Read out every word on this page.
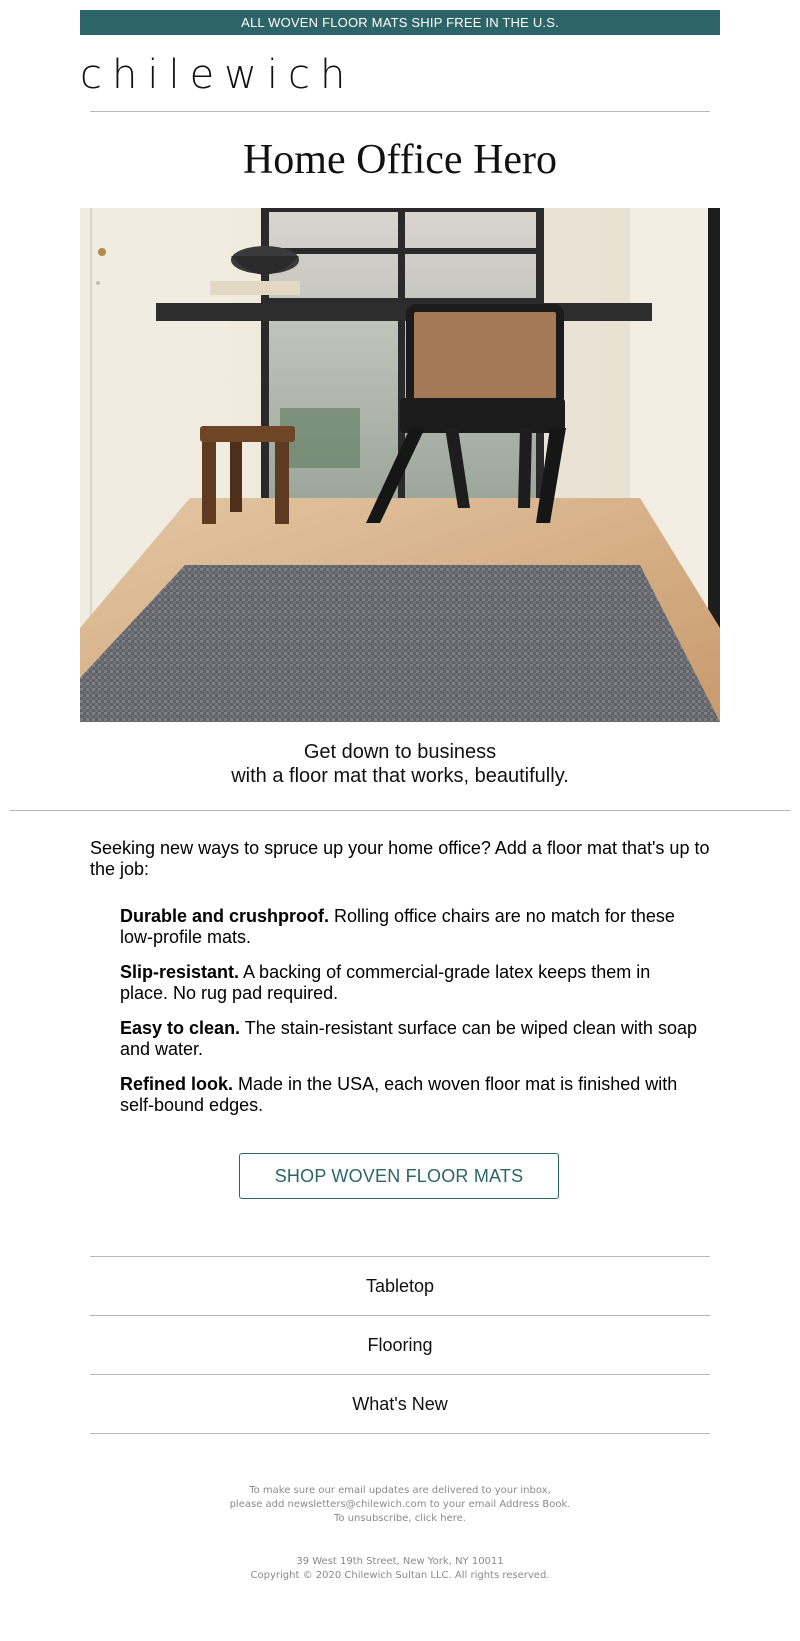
ALL WOVEN FLOOR MATS SHIP FREE IN THE U.S.
chilewich
Home Office Hero
Get down to business
with a floor mat that works, beautifully.
Seeking new ways to spruce up your home office? Add a floor mat that's up to the job:
Durable and crushproof. Rolling office chairs are no match for these low-profile mats.
Slip-resistant. A backing of commercial-grade latex keeps them in place. No rug pad required.
Easy to clean. The stain-resistant surface can be wiped clean with soap and water.
Refined look. Made in the USA, each woven floor mat is finished with self-bound edges.
SHOP WOVEN FLOOR MATS
Tabletop
Flooring
What's New
To make sure our email updates are delivered to your inbox,
please add newsletters@chilewich.com to your email Address Book.
To unsubscribe, click here.
39 West 19th Street, New York, NY 10011
Copyright © 2020 Chilewich Sultan LLC. All rights reserved.
